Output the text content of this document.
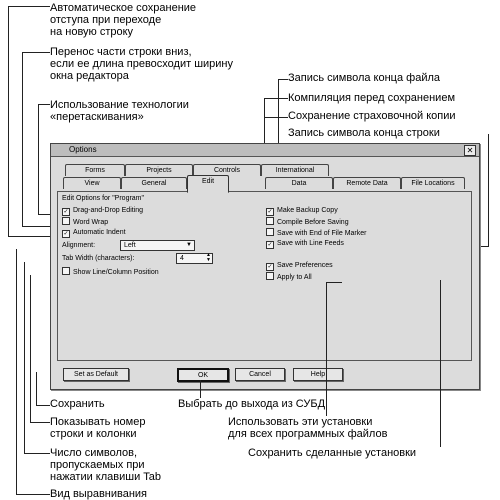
Автоматическое сохранение
отступа при переходе
на новую строку
Перенос части строки вниз,
если ее длина превосходит ширину
окна редактора
Использование технологии
«перетаскивания»
Запись символа конца файла
Компиляция перед сохранением
Сохранение страховочной копии
Запись символа конца строки
Options	✕
Forms	Projects	Controls	International
View	General	Edit	Data	Remote Data	File Locations
Edit Options for "Program"
✓ Drag-and-Drop Editing
Word Wrap
✓ Automatic Indent
Alignment:	Left	▼
Tab Width (characters):	4	▲
▼
Show Line/Column Position
✓ Make Backup Copy
Compile Before Saving
Save with End of File Marker
✓ Save with Line Feeds
✓ Save Preferences
Apply to All
Set as Default	OK	Cancel	Help
Сохранить
Показывать номер
строки и колонки
Число символов,
пропускаемых при
нажатии клавиши Tab
Вид выравнивания
Выбрать до выхода из СУБД
Использовать эти установки
для всех программных файлов
Сохранить сделанные установки
